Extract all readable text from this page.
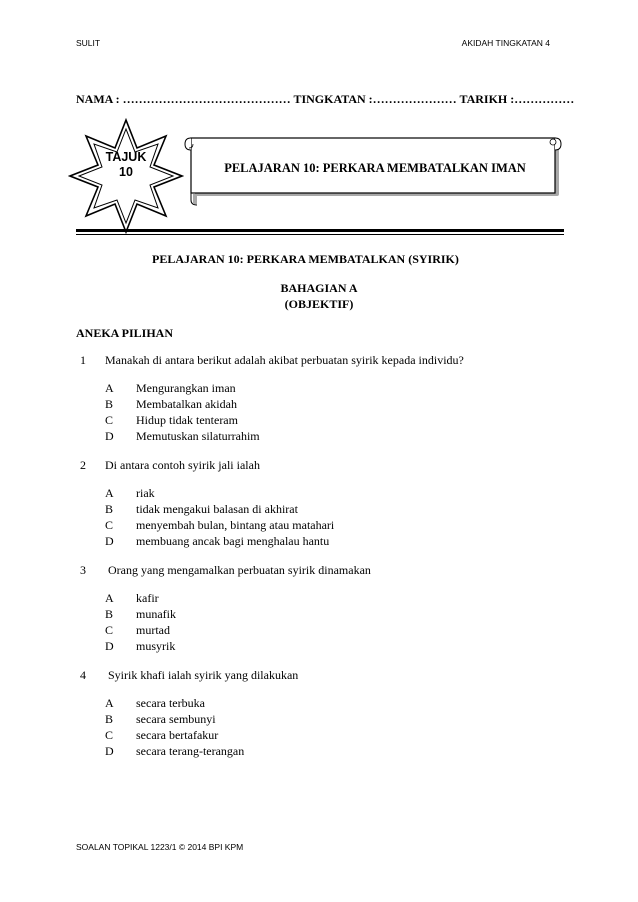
SULIT	AKIDAH TINGKATAN 4
NAMA : …………………………………… TINGKATAN :………………… TARIKH :……………
TAJUK
10	PELAJARAN 10: PERKARA MEMBATALKAN IMAN
PELAJARAN 10: PERKARA MEMBATALKAN (SYIRIK)
BAHAGIAN A
(OBJEKTIF)
ANEKA PILIHAN
1 Manakah di antara berikut adalah akibat perbuatan syirik kepada individu?
A Mengurangkan iman
B Membatalkan akidah
C Hidup tidak tenteram
D Memutuskan silaturrahim
2 Di antara contoh syirik jali ialah
A riak
B tidak mengakui balasan di akhirat
C menyembah bulan, bintang atau matahari
D membuang ancak bagi menghalau hantu
3 Orang yang mengamalkan perbuatan syirik dinamakan
A kafir
B munafik
C murtad
D musyrik
4 Syirik khafi ialah syirik yang dilakukan
A secara terbuka
B secara sembunyi
C secara bertafakur
D secara terang-terangan
SOALAN TOPIKAL 1223/1 © 2014 BPI KPM
